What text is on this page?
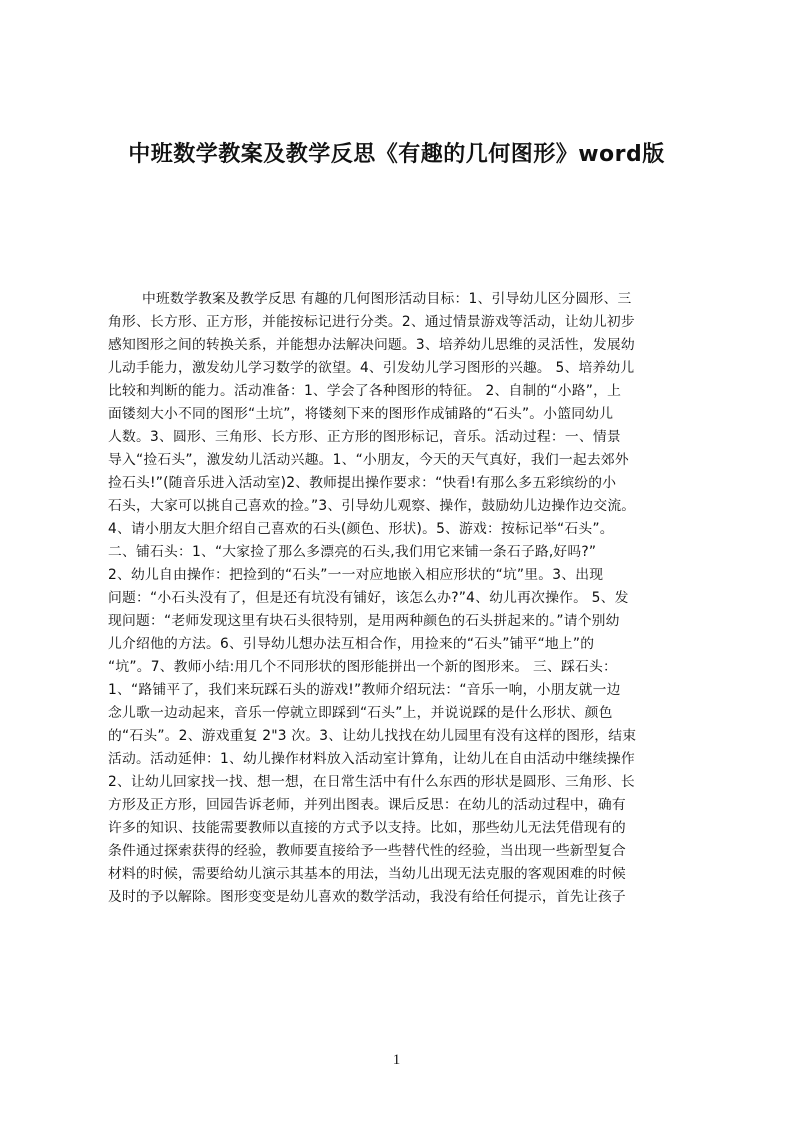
中班数学教案及教学反思《有趣的几何图形》word版
中班数学教案及教学反思 有趣的几何图形活动目标：1、引导幼儿区分圆形、三
角形、长方形、正方形，并能按标记进行分类。2、通过情景游戏等活动，让幼儿初步
感知图形之间的转换关系，并能想办法解决问题。3、培养幼儿思维的灵活性，发展幼
儿动手能力，激发幼儿学习数学的欲望。4、引发幼儿学习图形的兴趣。 5、培养幼儿
比较和判断的能力。活动准备：1、学会了各种图形的特征。 2、自制的“小路”，上
面镂刻大小不同的图形“土坑”，将镂刻下来的图形作成铺路的“石头”。小篮同幼儿
人数。3、圆形、三角形、长方形、正方形的图形标记，音乐。活动过程：一、情景
导入“捡石头”，激发幼儿活动兴趣。1、“小朋友，今天的天气真好，我们一起去郊外
捡石头!”(随音乐进入活动室)2、教师提出操作要求：“快看!有那么多五彩缤纷的小
石头，大家可以挑自己喜欢的捡。”3、引导幼儿观察、操作，鼓励幼儿边操作边交流。
4、请小朋友大胆介绍自己喜欢的石头(颜色、形状)。5、游戏：按标记举“石头”。
二、铺石头：1、“大家捡了那么多漂亮的石头,我们用它来铺一条石子路,好吗?”
2、幼儿自由操作：把捡到的“石头”一一对应地嵌入相应形状的“坑”里。3、出现
问题：“小石头没有了，但是还有坑没有铺好，该怎么办?”4、幼儿再次操作。 5、发
现问题：“老师发现这里有块石头很特别，是用两种颜色的石头拼起来的。”请个别幼
儿介绍他的方法。6、引导幼儿想办法互相合作，用捡来的“石头”铺平“地上”的
“坑”。7、教师小结:用几个不同形状的图形能拼出一个新的图形来。 三、踩石头：
1、“路铺平了，我们来玩踩石头的游戏!”教师介绍玩法：“音乐一响，小朋友就一边
念儿歌一边动起来，音乐一停就立即踩到“石头”上，并说说踩的是什么形状、颜色
的“石头”。2、游戏重复 2"3 次。3、让幼儿找找在幼儿园里有没有这样的图形，结束
活动。活动延伸：1、幼儿操作材料放入活动室计算角，让幼儿在自由活动中继续操作
2、让幼儿回家找一找、想一想，在日常生活中有什么东西的形状是圆形、三角形、长
方形及正方形，回园告诉老师，并列出图表。课后反思：在幼儿的活动过程中，确有
许多的知识、技能需要教师以直接的方式予以支持。比如，那些幼儿无法凭借现有的
条件通过探索获得的经验，教师要直接给予一些替代性的经验，当出现一些新型复合
材料的时候，需要给幼儿演示其基本的用法，当幼儿出现无法克服的客观困难的时候
及时的予以解除。图形变变是幼儿喜欢的数学活动，我没有给任何提示，首先让孩子
1
